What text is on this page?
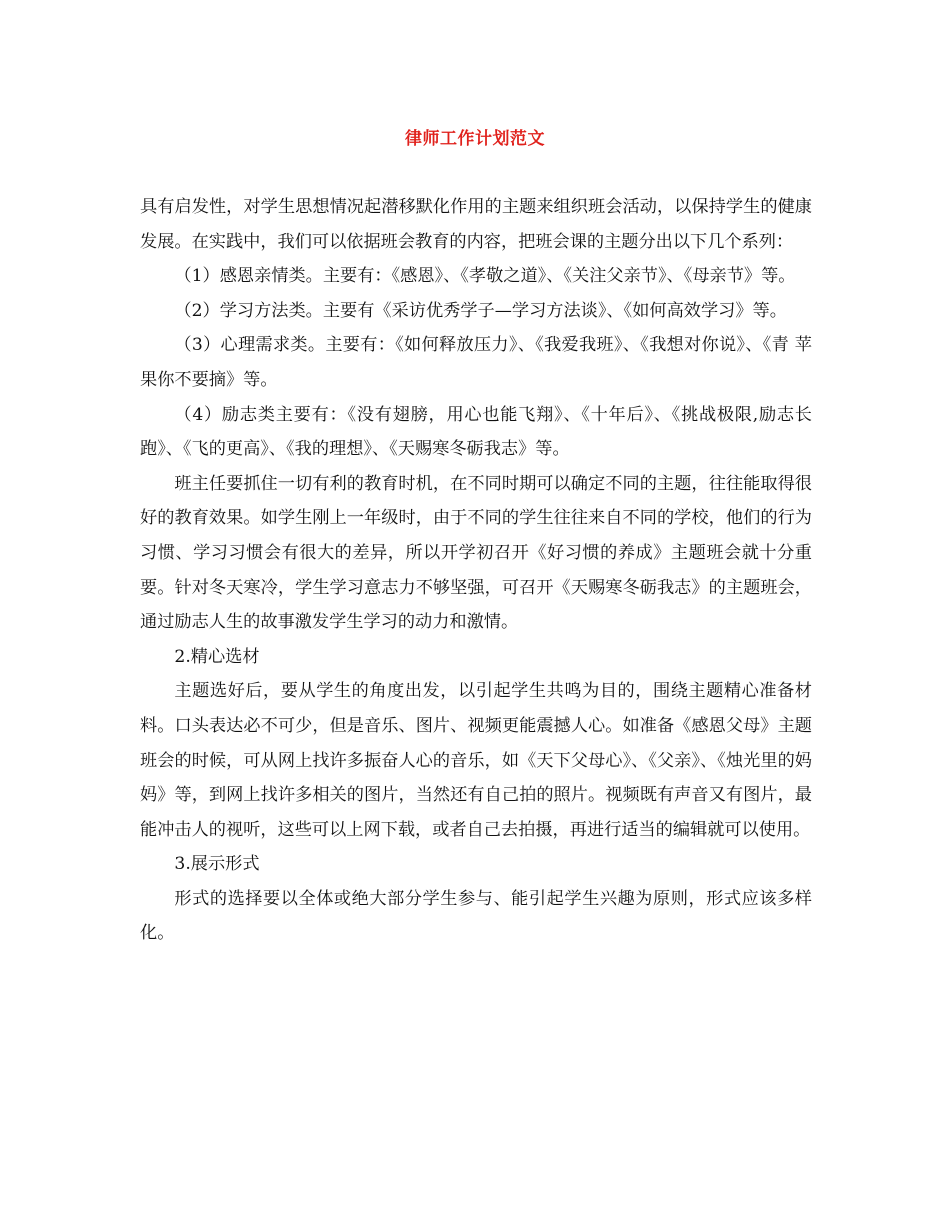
律师工作计划范文

具有启发性，对学生思想情况起潜移默化作用的主题来组织班会活动，以保持学生的健康发展。在实践中，我们可以依据班会教育的内容，把班会课的主题分出以下几个系列：

（1）感恩亲情类。主要有：《感恩》、《孝敬之道》、《关注父亲节》、《母亲节》等。

（2）学习方法类。主要有《采访优秀学子—学习方法谈》、《如何高效学习》等。

（3）心理需求类。主要有：《如何释放压力》、《我爱我班》、《我想对你说》、《青 苹果你不要摘》等。

（4）励志类主要有：《没有翅膀，用心也能飞翔》、《十年后》、《挑战极限,励志长跑》、《飞的更高》、《我的理想》、《天赐寒冬砺我志》等。

班主任要抓住一切有利的教育时机，在不同时期可以确定不同的主题，往往能取得很好的教育效果。如学生刚上一年级时，由于不同的学生往往来自不同的学校，他们的行为习惯、学习习惯会有很大的差异，所以开学初召开《好习惯的养成》主题班会就十分重要。针对冬天寒冷，学生学习意志力不够坚强，可召开《天赐寒冬砺我志》的主题班会，通过励志人生的故事激发学生学习的动力和激情。

2.精心选材

主题选好后，要从学生的角度出发，以引起学生共鸣为目的，围绕主题精心准备材料。口头表达必不可少，但是音乐、图片、视频更能震撼人心。如准备《感恩父母》主题班会的时候，可从网上找许多振奋人心的音乐，如《天下父母心》、《父亲》、《烛光里的妈妈》等，到网上找许多相关的图片，当然还有自己拍的照片。视频既有声音又有图片，最能冲击人的视听，这些可以上网下载，或者自己去拍摄，再进行适当的编辑就可以使用。

3.展示形式

形式的选择要以全体或绝大部分学生参与、能引起学生兴趣为原则，形式应该多样化。
